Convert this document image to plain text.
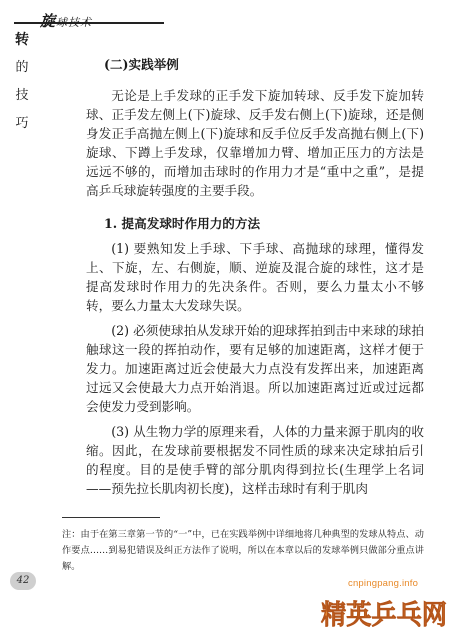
旋球技术
转
的
技
巧
(二)实践举例

无论是上手发球的正手发下旋加转球、反手发下旋加转球、正手发左侧上(下)旋球、反手发右侧上(下)旋球，还是侧身发正手高抛左侧上(下)旋球和反手位反手发高抛右侧上(下)旋球、下蹲上手发球，仅靠增加力臂、增加正压力的方法是远远不够的，而增加击球时的作用力才是“重中之重”，是提高乒乓球旋转强度的主要手段。

1. 提高发球时作用力的方法

(1) 要熟知发上手球、下手球、高抛球的球理，懂得发上、下旋，左、右侧旋，顺、逆旋及混合旋的球性，这才是提高发球时作用力的先决条件。否则，要么力量太小不够转，要么力量太大发球失误。

(2) 必须使球拍从发球开始的迎球挥拍到击中来球的球拍触球这一段的挥拍动作，要有足够的加速距离，这样才便于发力。加速距离过近会使最大力点没有发挥出来，加速距离过远又会使最大力点开始消退。所以加速距离过近或过远都会使发力受到影响。

(3) 从生物力学的原理来看，人体的力量来源于肌肉的收缩。因此，在发球前要根据发不同性质的球来决定球拍后引的程度。目的是使手臂的部分肌肉得到拉长(生理学上名词——预先拉长肌肉初长度)，这样击球时有利于肌肉

注：由于在第三章第一节的“一”中，已在实践举例中详细地将几种典型的发球从特点、动作要点……到易犯错误及纠正方法作了说明，所以在本章以后的发球举例只做部分重点讲解。
42	cnpingpang.info
精英乒乓网
